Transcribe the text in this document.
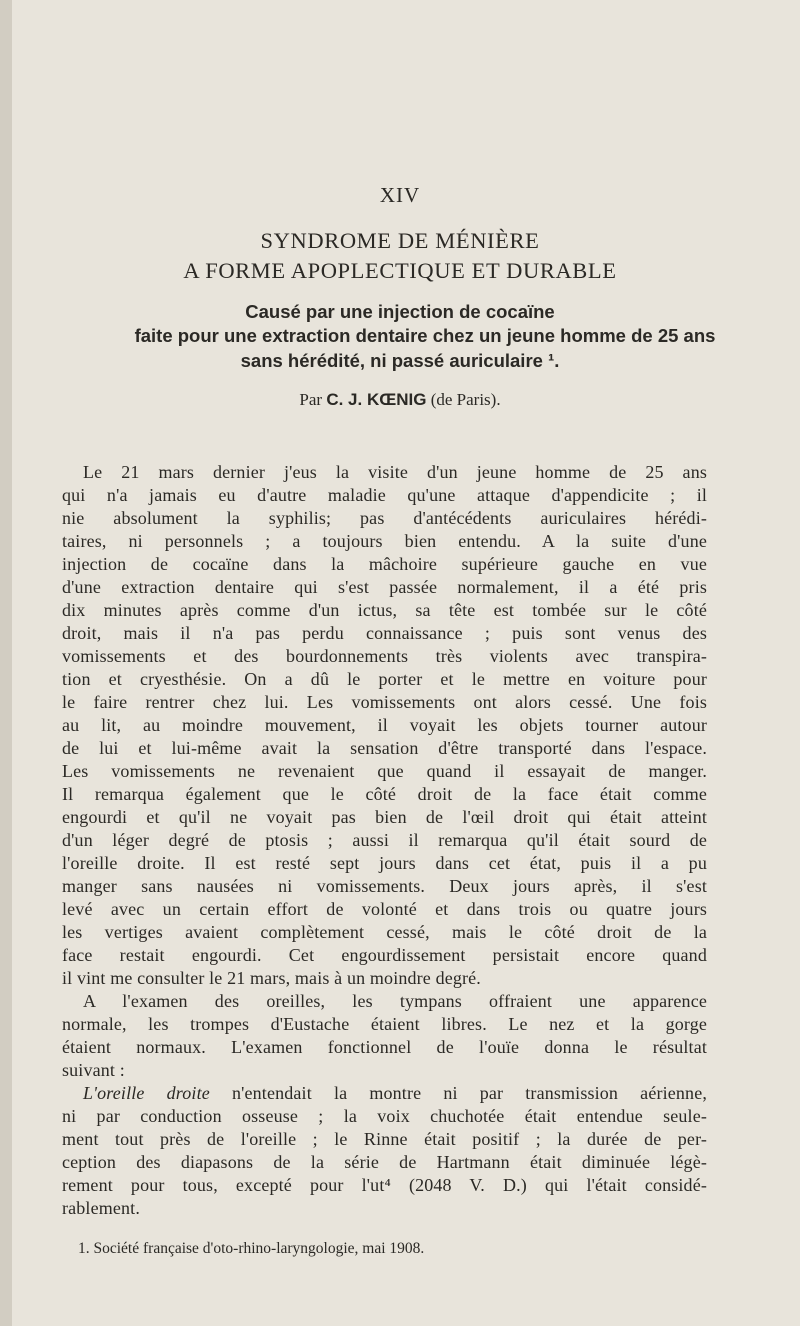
XIV
SYNDROME DE MÉNIÈRE
A FORME APOPLECTIQUE ET DURABLE
Causé par une injection de cocaïne
faite pour une extraction dentaire chez un jeune homme de 25 ans
sans hérédité, ni passé auriculaire ¹.
Par C. J. KŒNIG (de Paris).
Le 21 mars dernier j'eus la visite d'un jeune homme de 25 ans
qui n'a jamais eu d'autre maladie qu'une attaque d'appendicite ; il
nie absolument la syphilis; pas d'antécédents auriculaires hérédi-
taires, ni personnels ; a toujours bien entendu. A la suite d'une
injection de cocaïne dans la mâchoire supérieure gauche en vue
d'une extraction dentaire qui s'est passée normalement, il a été pris
dix minutes après comme d'un ictus, sa tête est tombée sur le côté
droit, mais il n'a pas perdu connaissance ; puis sont venus des
vomissements et des bourdonnements très violents avec transpira-
tion et cryesthésie. On a dû le porter et le mettre en voiture pour
le faire rentrer chez lui. Les vomissements ont alors cessé. Une fois
au lit, au moindre mouvement, il voyait les objets tourner autour
de lui et lui-même avait la sensation d'être transporté dans l'espace.
Les vomissements ne revenaient que quand il essayait de manger.
Il remarqua également que le côté droit de la face était comme
engourdi et qu'il ne voyait pas bien de l'œil droit qui était atteint
d'un léger degré de ptosis ; aussi il remarqua qu'il était sourd de
l'oreille droite. Il est resté sept jours dans cet état, puis il a pu
manger sans nausées ni vomissements. Deux jours après, il s'est
levé avec un certain effort de volonté et dans trois ou quatre jours
les vertiges avaient complètement cessé, mais le côté droit de la
face restait engourdi. Cet engourdissement persistait encore quand
il vint me consulter le 21 mars, mais à un moindre degré.
A l'examen des oreilles, les tympans offraient une apparence
normale, les trompes d'Eustache étaient libres. Le nez et la gorge
étaient normaux. L'examen fonctionnel de l'ouïe donna le résultat
suivant :
L'oreille droite n'entendait la montre ni par transmission aérienne,
ni par conduction osseuse ; la voix chuchotée était entendue seule-
ment tout près de l'oreille ; le Rinne était positif ; la durée de per-
ception des diapasons de la série de Hartmann était diminuée légè-
rement pour tous, excepté pour l'ut⁴ (2048 V. D.) qui l'était considé-
rablement.
1. Société française d'oto-rhino-laryngologie, mai 1908.
